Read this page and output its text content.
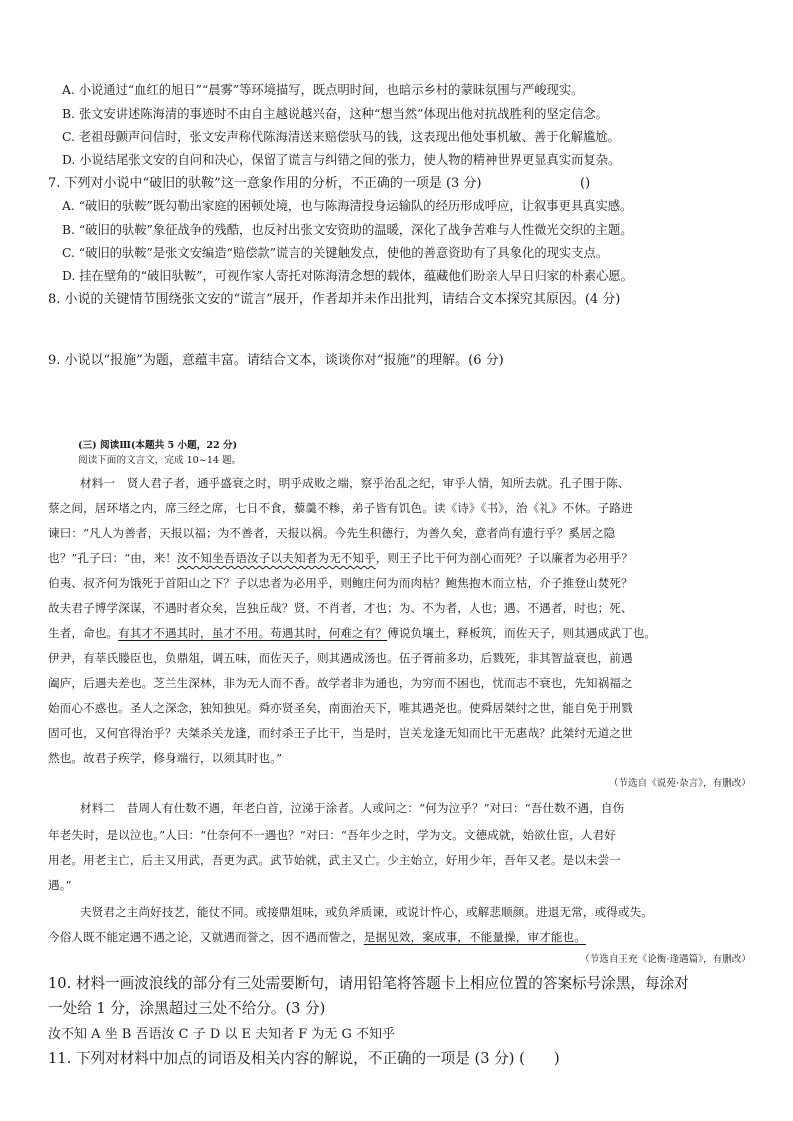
A. 小说通过“血红的旭日”“晨雾”等环境描写，既点明时间，也暗示乡村的蒙昧氛围与严峻现实。
B. 张文安讲述陈海清的事迹时不由自主越说越兴奋，这种“想当然”体现出他对抗战胜利的坚定信念。
C. 老祖母颤声问信时，张文安声称代陈海清送来赔偿驮马的钱，这表现出他处事机敏、善于化解尴尬。
D. 小说结尾张文安的自问和决心，保留了谎言与纠错之间的张力，使人物的精神世界更显真实而复杂。
7. 下列对小说中“破旧的驮鞍”这一意象作用的分析，不正确的一项是 (3 分)	()
A. “破旧的驮鞍”既勾勒出家庭的困顿处境，也与陈海清投身运输队的经历形成呼应，让叙事更具真实感。
B. “破旧的驮鞍”象征战争的残酷，也反衬出张文安资助的温暖，深化了战争苦难与人性微光交织的主题。
C. “破旧的驮鞍”是张文安编造“赔偿款”谎言的关键触发点，使他的善意资助有了具象化的现实支点。
D. 挂在壁角的“破旧驮鞍”，可视作家人寄托对陈海清念想的载体，蕴藏他们盼亲人早日归家的朴素心愿。
8. 小说的关键情节围绕张文安的“谎言”展开，作者却并未作出批判，请结合文本探究其原因。(4 分)
9. 小说以“报施”为题，意蕴丰富。请结合文本，谈谈你对“报施”的理解。(6 分)
(三) 阅读Ⅲ(本题共 5 小题，22 分)
阅读下面的文言文，完成 10~14 题。
材料一　贤人君子者，通乎盛衰之时，明乎成败之端，察乎治乱之纪，审乎人情，知所去就。孔子围于陈、
蔡之间，居环堵之内，席三经之席，七日不食，藜羹不糁，弟子皆有饥色。读《诗》《书》，治《礼》不休。子路进
谏曰：“凡人为善者，天报以福；为不善者，天报以祸。今先生积德行，为善久矣，意者尚有遗行乎？奚居之隐
也？”孔子曰：“由，来！汝不知坐吾语汝子以夫知者为无不知乎，则王子比干何为剖心而死？子以廉者为必用乎？
伯夷、叔齐何为饿死于首阳山之下？子以忠者为必用乎，则鲍庄何为而肉枯？鲍焦抱木而立枯，介子推登山焚死？
故夫君子博学深谋，不遇时者众矣，岂独丘哉？贤、不肖者，才也；为、不为者，人也；遇、不遇者，时也；死、
生者，命也。有其才不遇其时，虽才不用。苟遇其时，何难之有？傅说负壤土，释板筑，而佐天子，则其遇成武丁也。
伊尹，有莘氏媵臣也，负鼎俎，调五味，而佐天子，则其遇成汤也。伍子胥前多功，后戮死，非其智益衰也，前遇
阖庐，后遇夫差也。芝兰生深林，非为无人而不香。故学者非为通也，为穷而不困也，忧而志不衰也，先知祸福之
始而心不惑也。圣人之深念，独知独见。舜亦贤圣矣，南面治天下，唯其遇尧也。使舜居桀纣之世，能自免于刑戮
固可也，又何官得治乎？夫桀杀关龙逢，而纣杀王子比干，当是时，岂关龙逢无知而比干无惠哉？此桀纣无道之世
然也。故君子疾学，修身端行，以须其时也。”
（节选自《说苑·杂言》，有删改）
材料二　昔周人有仕数不遇，年老白首，泣涕于涂者。人或问之：“何为泣乎？”对曰：“吾仕数不遇，自伤
年老失时，是以泣也。”人曰：“仕奈何不一遇也？”对曰：“吾年少之时，学为文。文德成就，始欲仕宦，人君好
用老。用老主亡，后主又用武，吾更为武。武节始就，武主又亡。少主始立，好用少年，吾年又老。是以未尝一
遇。”
夫贤君之主尚好技艺，能仗不同。或接鼎俎味，或负斧质谏，或说计忤心，或解悲顺颜。进退无常，或得或失。
今俗人既不能定遇不遇之论，又就遇而誉之，因不遇而訾之，是据见效，案成事，不能量操，审才能也。
（节选自王充《论衡·逢遇篇》，有删改）
10. 材料一画波浪线的部分有三处需要断句，请用铅笔将答题卡上相应位置的答案标号涂黑，每涂对
一处给 1 分，涂黑超过三处不给分。(3 分)
汝不知 A 坐 B 吾语汝 C 子 D 以 E 夫知者 F 为无 G 不知乎
11. 下列对材料中加点的词语及相关内容的解说，不正确的一项是 (3 分) (　　)
